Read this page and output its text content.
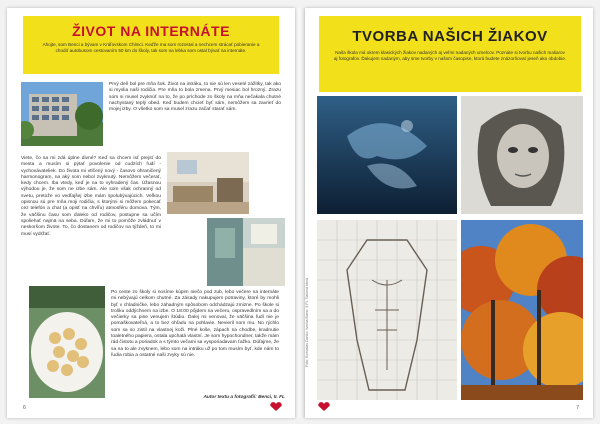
ŽIVOT NA INTERNÁTE

Ahojte, som Benci a bývam v Kráľovskom Chlmci. Keďže ma som rozostal a nechcem strácať pobieranie a chodiť autobusom cestovaním 50 km do školy, tak som na lebka som ostal bývať na internáte.

Prvý deň bol pre mňa šok. Život na intráku, to nie sú len veselé zážitky, tak ako si myslia naši rodičia. Pre mňa to bola zmena. Prvý mesiac bol hrozný. Zrazu som si musel zvyknúť na to, že po príchode zo školy na mňa nečakala chutné nachystaný teplý obed. Keď budem chcieť byť sám, nemôžem sa zavrieť do mojej izby. O všetko som sa musel zrazu začať starať sám.
Viete, čo sa mi zdá úplne divné? Keď sa chcem isť prejsť do mesta a musím si pýtať povolenie od cudzích ľudí - vychovávateliek. Do života mi vtlčený nový - časovo ohraničený harmonogram, na aký som nebol zvyknutý. Nemôžem večerať, kedy chcem. Iba vtedy, keď je na to vyhradený čas. Úžasnou výhodou je, že som ne izbe sám. Ale som však ochranný od svetu, pretože vo vedľajšej izbe mám spolubývajúcich. Veľkou opisnou sú pre mňa moji rodičia, s ktorými si môžem pokecať cez telefón a chat (a opisť na chvíľu) atmosféru domova. Tým, že väčšinu času som ďaleko od rodičov, postupne sa učím spoliehať najmä na seba. Dúfam, že mi to pomôže zvládnuť v neskoršom živote. To, čo dostanem od rodičov na týždeň, to mi musí vydržať.
Po ceste zo školy si nosíme kúpim niečo pod zub, lebo večere na internáte mi nebývajú celkom chutné. Za zásady nakupujem potraviny, ktoré by mohli byť v chladničke, lebo záhadným spôsobom odchádzajú zmizne. Po škole si trošku oddýchnem na izbe. O 18:00 pôjdem na večeru, ospravedlním sa a do večierky sa pine venujem štúdiu. Ďalej mi venoval, že väčšina ľudí nie je pomaškovateľná, a to bez ohľadu na pohlavie. Nevieril som mu. No rýchlo som sa so zistil na vlastnej koži. Plné koše, zápach na chodbe, kradnutie toaletného papiera, ostala upchatá vlastní. Je som hypochondner, takže mám rád čistotu a poriadok a s týmto večami sa vysporiadavam ťažko. Dúfajme, že sa na to ale zvyknem, lebo som na intráku už po tom musím byť, kde nám to ľudia robia a ostatné naši zvyky sú nie.
Autor textu a fotografií: Benci, II. FL
6
TVORBA NAŠICH ŽIAKOV

Naša škola má okrem klasických žiakov nadaných aj veľmi nadaných umelcov. Poznáte si tvorbu našich maliarov aj fotografov. Ďakujem nadaným, aby sme tvorby v našom časopise, ktorá budete znázorňovať jeseň ako obdobie.

Foto: Bohuslav Danko, tvorba Banci, II.FL Tlačová ktorá
7
